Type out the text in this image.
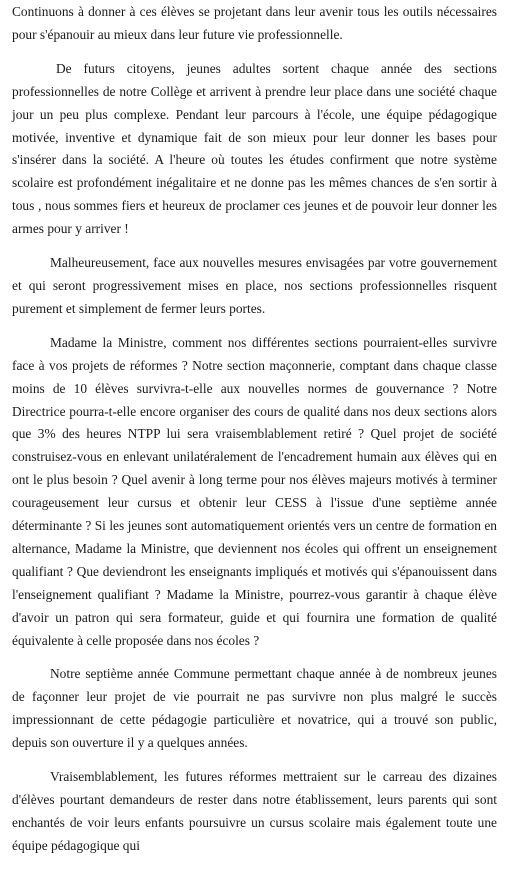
Continuons à donner à ces élèves se projetant dans leur avenir tous les outils nécessaires pour s'épanouir au mieux dans leur future vie professionnelle.

De futurs citoyens, jeunes adultes sortent chaque année des sections professionnelles de notre Collège et arrivent à prendre leur place dans une société chaque jour un peu plus complexe. Pendant leur parcours à l'école, une équipe pédagogique motivée, inventive et dynamique fait de son mieux pour leur donner les bases pour s'insérer dans la société. A l'heure où toutes les études confirment que notre système scolaire est profondément inégalitaire et ne donne pas les mêmes chances de s'en sortir à tous , nous sommes fiers et heureux de proclamer ces jeunes et de pouvoir leur donner les armes pour y arriver !

Malheureusement, face aux nouvelles mesures envisagées par votre gouvernement et qui seront progressivement mises en place, nos sections professionnelles risquent purement et simplement de fermer leurs portes.

Madame la Ministre, comment nos différentes sections pourraient-elles survivre face à vos projets de réformes ? Notre section maçonnerie, comptant dans chaque classe moins de 10 élèves survivra-t-elle aux nouvelles normes de gouvernance ? Notre Directrice pourra-t-elle encore organiser des cours de qualité dans nos deux sections alors que 3% des heures NTPP lui sera vraisemblablement retiré ? Quel projet de société construisez-vous en enlevant unilatéralement de l'encadrement humain aux élèves qui en ont le plus besoin ? Quel avenir à long terme pour nos élèves majeurs motivés à terminer courageusement leur cursus et obtenir leur CESS à l'issue d'une septième année déterminante ? Si les jeunes sont automatiquement orientés vers un centre de formation en alternance, Madame la Ministre, que deviennent nos écoles qui offrent un enseignement qualifiant ? Que deviendront les enseignants impliqués et motivés qui s'épanouissent dans l'enseignement qualifiant ? Madame la Ministre, pourrez-vous garantir à chaque élève d'avoir un patron qui sera formateur, guide et qui fournira une formation de qualité équivalente à celle proposée dans nos écoles ?

Notre septième année Commune permettant chaque année à de nombreux jeunes de façonner leur projet de vie pourrait ne pas survivre non plus malgré le succès impressionnant de cette pédagogie particulière et novatrice, qui a trouvé son public, depuis son ouverture il y a quelques années.

Vraisemblablement, les futures réformes mettraient sur le carreau des dizaines d'élèves pourtant demandeurs de rester dans notre établissement, leurs parents qui sont enchantés de voir leurs enfants poursuivre un cursus scolaire mais également toute une équipe pédagogique qui
